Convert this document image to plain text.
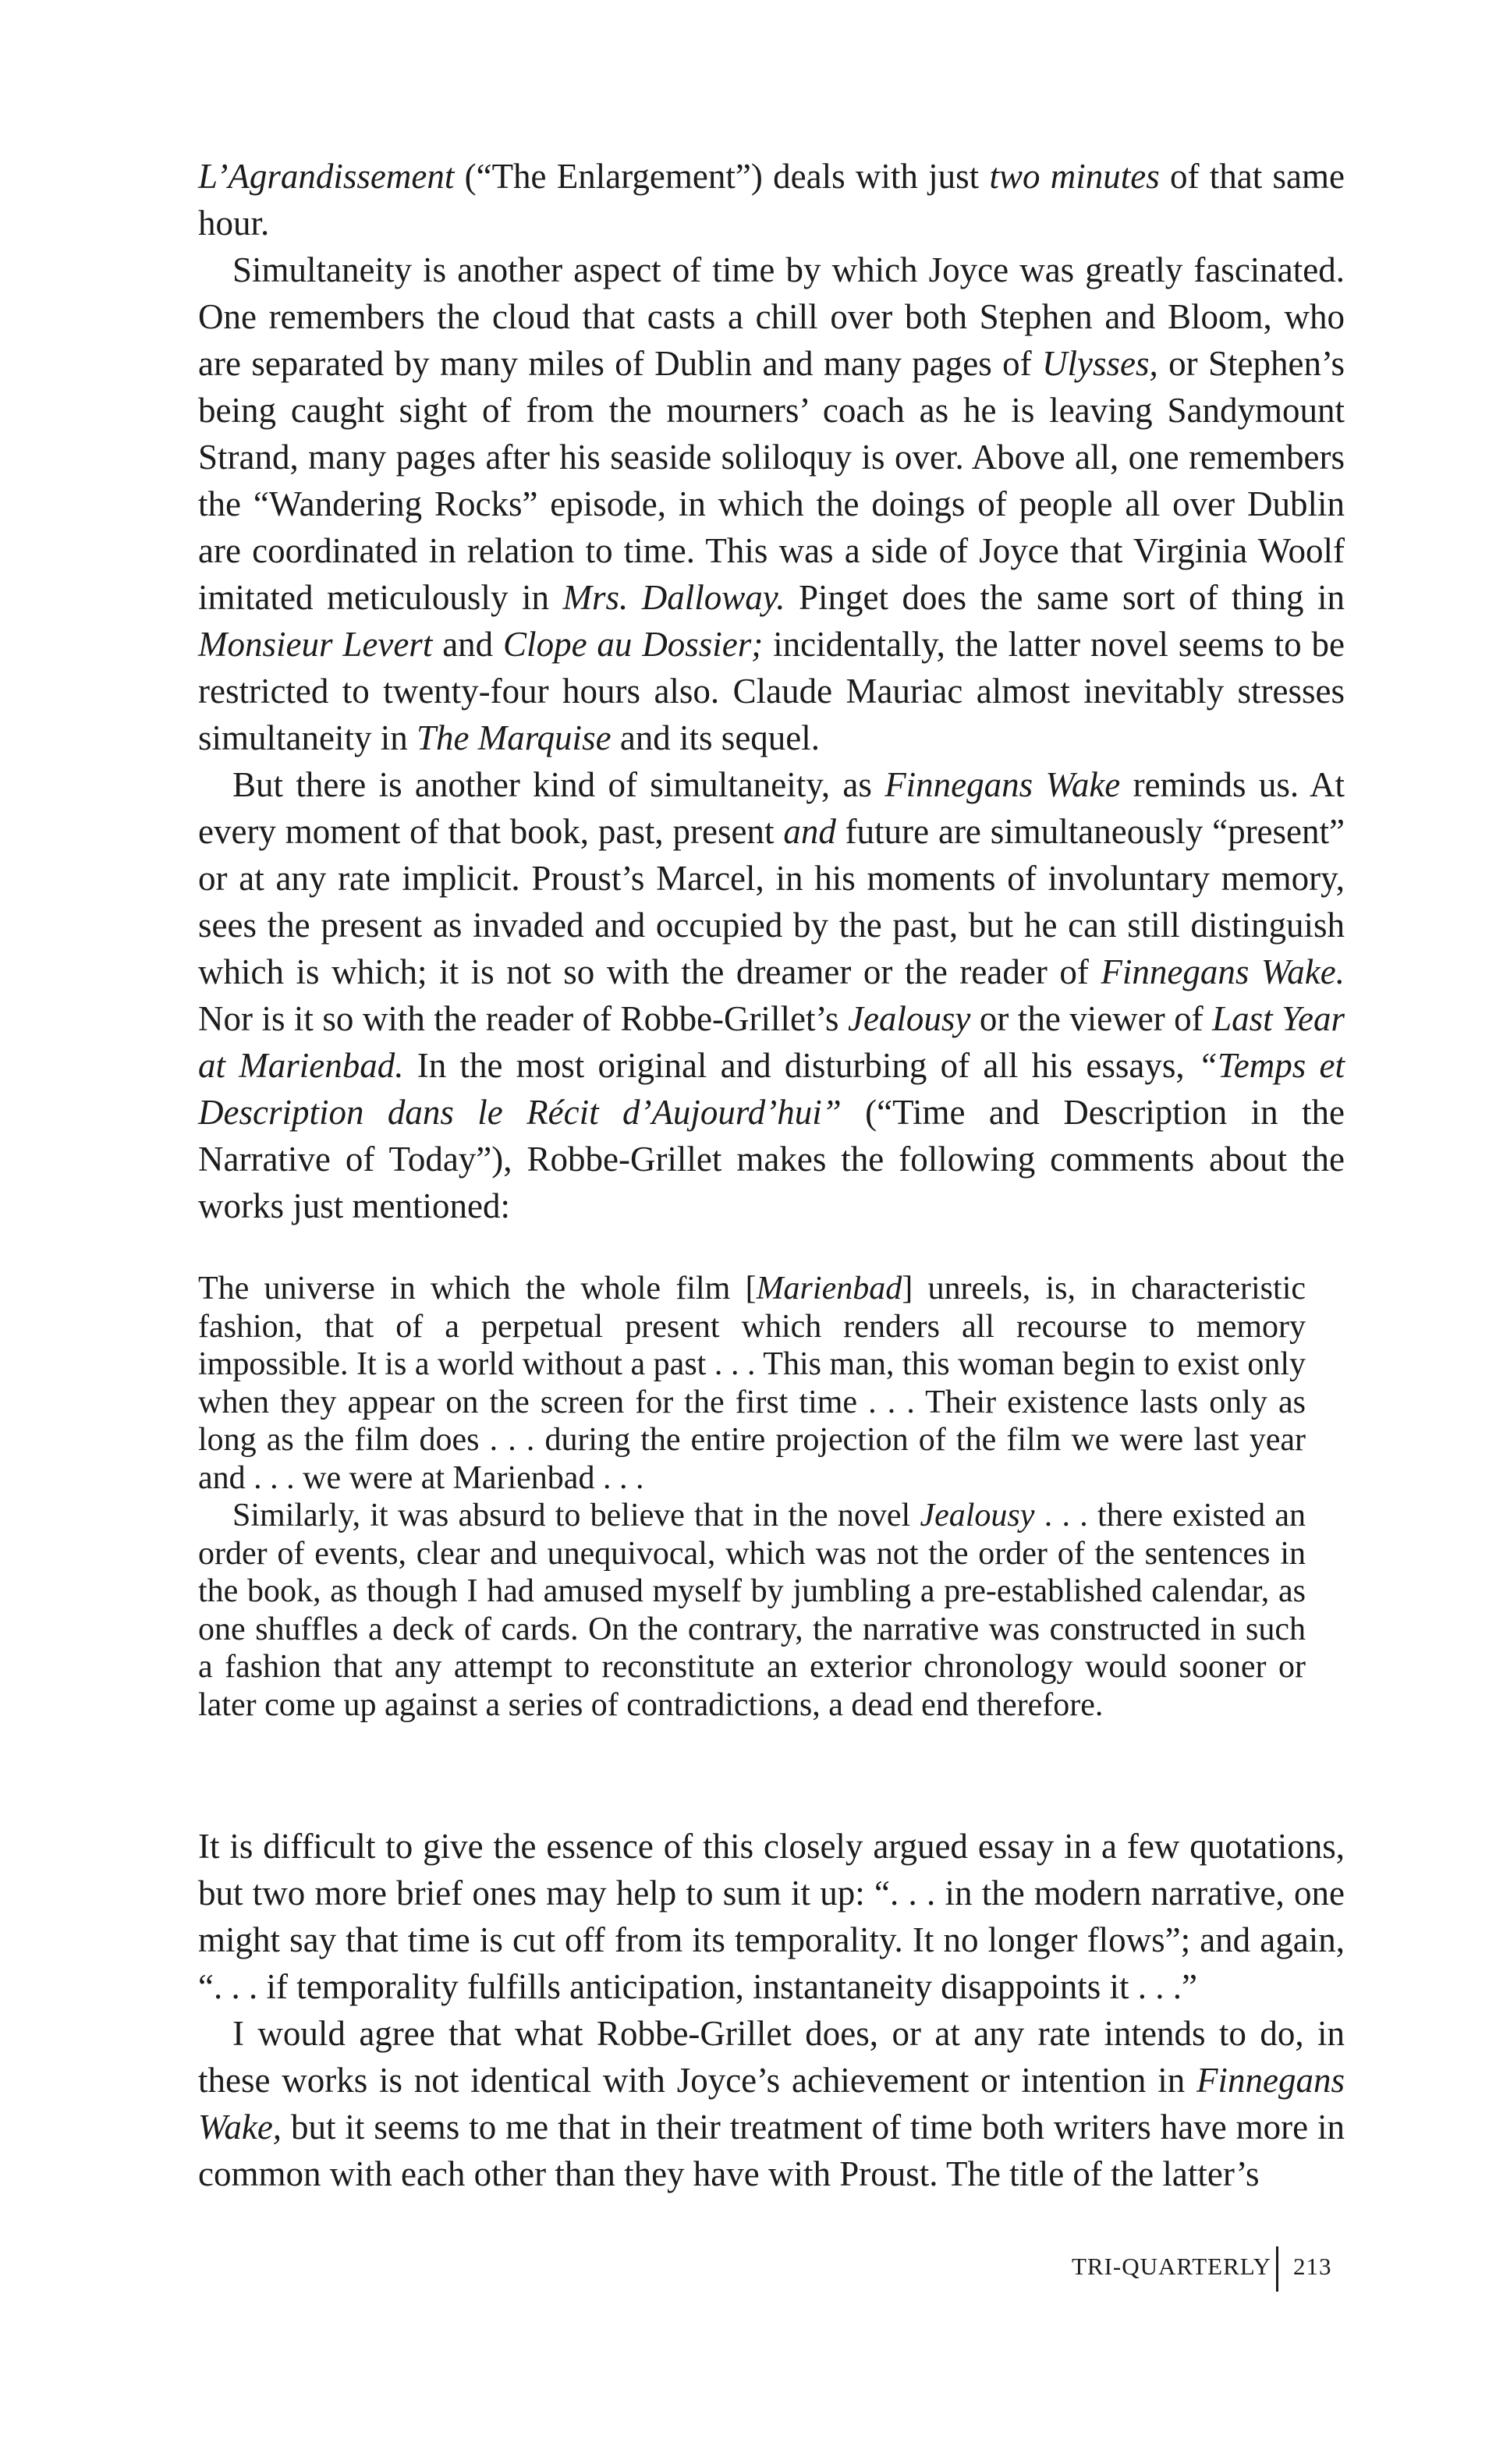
L’Agrandissement (“The Enlargement”) deals with just two minutes of that same hour.

Simultaneity is another aspect of time by which Joyce was greatly fascinated. One remembers the cloud that casts a chill over both Stephen and Bloom, who are separated by many miles of Dublin and many pages of Ulysses, or Stephen’s being caught sight of from the mourners’ coach as he is leaving Sandymount Strand, many pages after his seaside soliloquy is over. Above all, one remembers the “Wandering Rocks” episode, in which the doings of people all over Dublin are coordinated in relation to time. This was a side of Joyce that Virginia Woolf imitated meticulously in Mrs. Dalloway. Pinget does the same sort of thing in Monsieur Levert and Clope au Dossier; incidentally, the latter novel seems to be restricted to twenty-four hours also. Claude Mauriac almost inevitably stresses simultaneity in The Marquise and its sequel.

But there is another kind of simultaneity, as Finnegans Wake reminds us. At every moment of that book, past, present and future are simultaneously “present” or at any rate implicit. Proust’s Marcel, in his moments of involuntary memory, sees the present as invaded and occupied by the past, but he can still distinguish which is which; it is not so with the dreamer or the reader of Finnegans Wake. Nor is it so with the reader of Robbe-Grillet’s Jealousy or the viewer of Last Year at Marienbad. In the most original and disturbing of all his essays, “Temps et Description dans le Récit d’Aujourd’hui” (“Time and Description in the Narrative of Today”), Robbe-Grillet makes the following comments about the works just mentioned:

The universe in which the whole film [Marienbad] unreels, is, in characteristic fashion, that of a perpetual present which renders all recourse to memory impossible. It is a world without a past . . . This man, this woman begin to exist only when they appear on the screen for the first time . . . Their existence lasts only as long as the film does . . . during the entire projection of the film we were last year and . . . we were at Marienbad . . .

Similarly, it was absurd to believe that in the novel Jealousy . . . there existed an order of events, clear and unequivocal, which was not the order of the sentences in the book, as though I had amused myself by jumbling a pre-established calendar, as one shuffles a deck of cards. On the contrary, the narrative was constructed in such a fashion that any attempt to reconstitute an exterior chronology would sooner or later come up against a series of contradictions, a dead end therefore.

It is difficult to give the essence of this closely argued essay in a few quotations, but two more brief ones may help to sum it up: “. . . in the modern narrative, one might say that time is cut off from its temporality. It no longer flows”; and again, “. . . if temporality fulfills anticipation, instantaneity disappoints it . . .”

I would agree that what Robbe-Grillet does, or at any rate intends to do, in these works is not identical with Joyce’s achievement or intention in Finnegans Wake, but it seems to me that in their treatment of time both writers have more in common with each other than they have with Proust. The title of the latter’s

TRI-QUARTERLY 213
